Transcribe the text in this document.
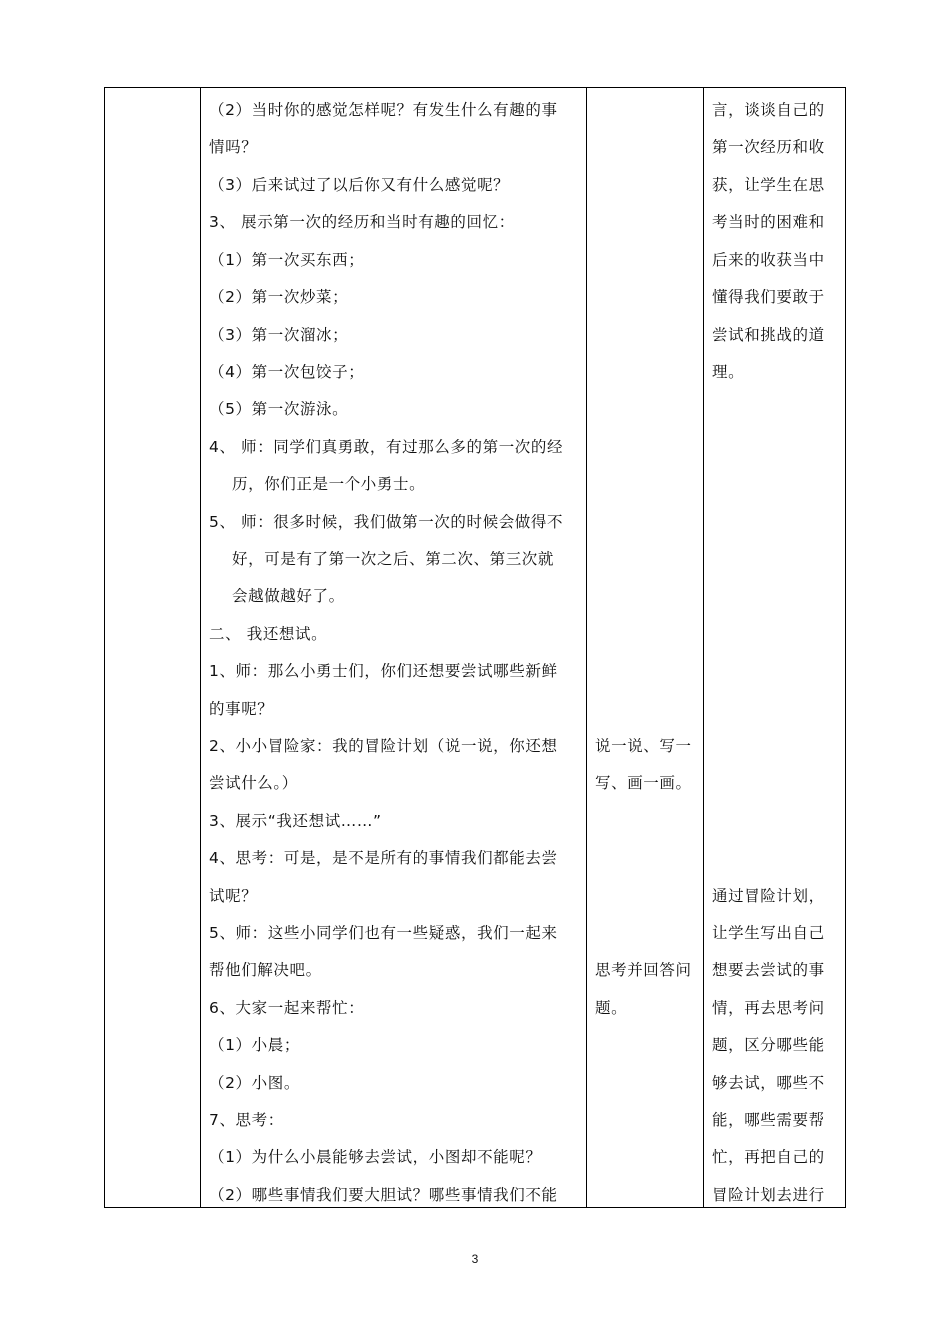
（2）当时你的感觉怎样呢？有发生什么有趣的事
情吗？
（3）后来试过了以后你又有什么感觉呢？
3、 展示第一次的经历和当时有趣的回忆：
（1）第一次买东西；
（2）第一次炒菜；
（3）第一次溜冰；
（4）第一次包饺子；
（5）第一次游泳。
4、 师：同学们真勇敢，有过那么多的第一次的经
历，你们正是一个小勇士。
5、 师：很多时候，我们做第一次的时候会做得不
好，可是有了第一次之后、第二次、第三次就
会越做越好了。
二、 我还想试。
1、师：那么小勇士们，你们还想要尝试哪些新鲜
的事呢？
2、小小冒险家：我的冒险计划（说一说，你还想
尝试什么。）
3、展示“我还想试……”
4、思考：可是，是不是所有的事情我们都能去尝
试呢？
5、师：这些小同学们也有一些疑惑，我们一起来
帮他们解决吧。
6、大家一起来帮忙：
（1）小晨；
（2）小图。
7、思考：
（1）为什么小晨能够去尝试，小图却不能呢？
（2）哪些事情我们要大胆试？哪些事情我们不能
说一说、写一
写、画一画。
思考并回答问
题。
言，谈谈自己的
第一次经历和收
获，让学生在思
考当时的困难和
后来的收获当中
懂得我们要敢于
尝试和挑战的道
理。
通过冒险计划，
让学生写出自己
想要去尝试的事
情，再去思考问
题，区分哪些能
够去试，哪些不
能，哪些需要帮
忙，再把自己的
冒险计划去进行
3
